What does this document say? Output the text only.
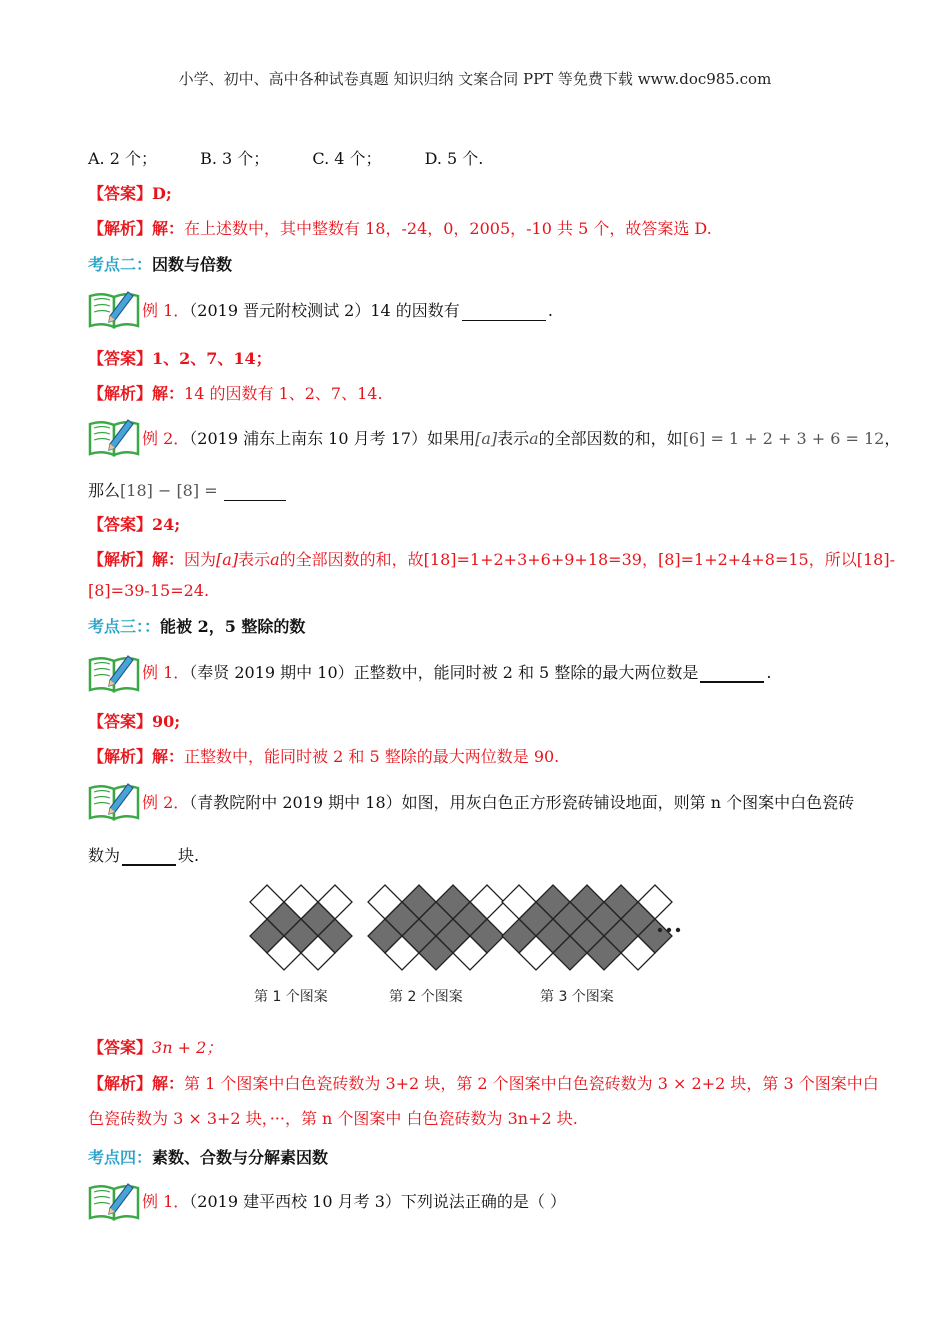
小学、初中、高中各种试卷真题 知识归纳 文案合同 PPT 等免费下载 www.doc985.com
A. 2 个；	B. 3 个；	C. 4 个；	D. 5 个.
【答案】D;
【解析】解：在上述数中，其中整数有 18，-24，0，2005，-10 共 5 个，故答案选 D.
考点二：因数与倍数
例 1．（2019 晋元附校测试 2）14 的因数有	.
【答案】1、2、7、14；
【解析】解：14 的因数有 1、2、7、14.
例 2．（2019 浦东上南东 10 月考 17）如果用[a]表示a的全部因数的和，如[6] = 1 + 2 + 3 + 6 = 12，
那么[18] − [8] =
【答案】24;
【解析】解：因为[a]表示a的全部因数的和，故[18]=1+2+3+6+9+18=39，[8]=1+2+4+8=15，所以[18]-
[8]=39-15=24.
考点三：：能被 2，5 整除的数
例 1．（奉贤 2019 期中 10）正整数中，能同时被 2 和 5 整除的最大两位数是	.
【答案】90;
【解析】解：正整数中，能同时被 2 和 5 整除的最大两位数是 90.
例 2．（青教院附中 2019 期中 18）如图，用灰白色正方形瓷砖铺设地面，则第 n 个图案中白色瓷砖
数为	块.
第 1 个图案	第 2 个图案	第 3 个图案
【答案】3n + 2；
【解析】解：第 1 个图案中白色瓷砖数为 3+2 块，第 2 个图案中白色瓷砖数为 3 × 2+2 块，第 3 个图案中白
色瓷砖数为 3 × 3+2 块，···，第 n 个图案中 白色瓷砖数为 3n+2 块.
考点四：素数、合数与分解素因数
例 1．（2019 建平西校 10 月考 3）下列说法正确的是（ ）
